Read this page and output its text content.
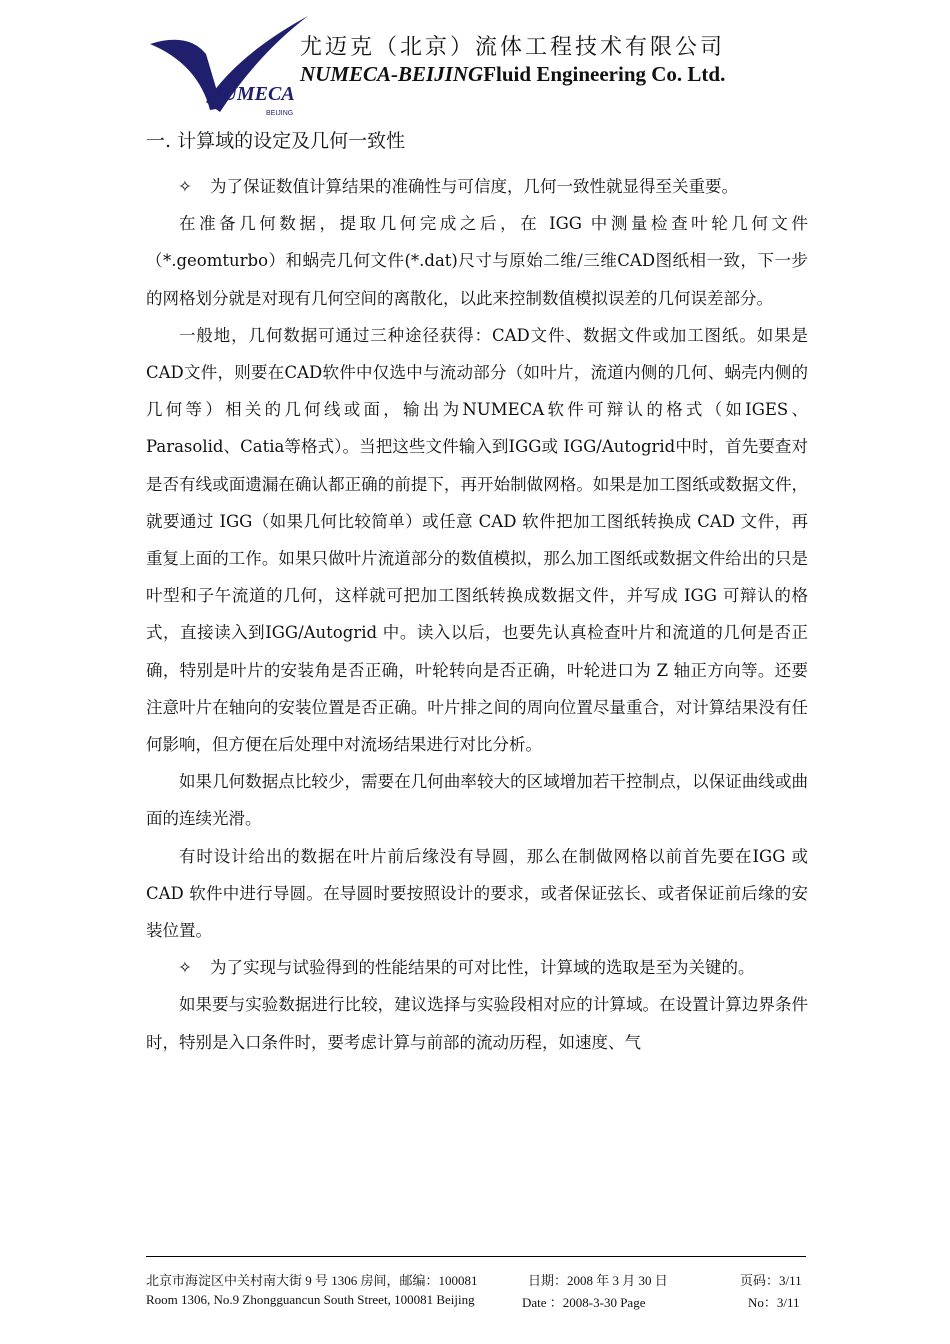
NUMECA
BEIJING
尤迈克（北京）流体工程技术有限公司
NUMECA-BEIJINGFluid Engineering Co. Ltd.
一. 计算域的设定及几何一致性

✧ 为了保证数值计算结果的准确性与可信度，几何一致性就显得至关重要。

在准备几何数据，提取几何完成之后，在 IGG 中测量检查叶轮几何文件（*.geomturbo）和蜗壳几何文件(*.dat)尺寸与原始二维/三维CAD图纸相一致，下一步的网格划分就是对现有几何空间的离散化，以此来控制数值模拟误差的几何误差部分。

一般地，几何数据可通过三种途径获得：CAD文件、数据文件或加工图纸。如果是CAD文件，则要在CAD软件中仅选中与流动部分（如叶片，流道内侧的几何、蜗壳内侧的几何等）相关的几何线或面，输出为NUMECA软件可辩认的格式（如IGES、Parasolid、Catia等格式）。当把这些文件输入到IGG或 IGG/Autogrid中时，首先要查对是否有线或面遗漏在确认都正确的前提下，再开始制做网格。如果是加工图纸或数据文件，就要通过 IGG（如果几何比较简单）或任意 CAD 软件把加工图纸转换成 CAD 文件，再重复上面的工作。如果只做叶片流道部分的数值模拟，那么加工图纸或数据文件给出的只是叶型和子午流道的几何，这样就可把加工图纸转换成数据文件，并写成 IGG 可辩认的格式，直接读入到IGG/Autogrid 中。读入以后，也要先认真检查叶片和流道的几何是否正确，特别是叶片的安装角是否正确，叶轮转向是否正确，叶轮进口为 Z 轴正方向等。还要注意叶片在轴向的安装位置是否正确。叶片排之间的周向位置尽量重合，对计算结果没有任何影响，但方便在后处理中对流场结果进行对比分析。

如果几何数据点比较少，需要在几何曲率较大的区域增加若干控制点，以保证曲线或曲面的连续光滑。

有时设计给出的数据在叶片前后缘没有导圆，那么在制做网格以前首先要在IGG 或 CAD 软件中进行导圆。在导圆时要按照设计的要求，或者保证弦长、或者保证前后缘的安装位置。

✧ 为了实现与试验得到的性能结果的可对比性，计算域的选取是至为关键的。

如果要与实验数据进行比较，建议选择与实验段相对应的计算域。在设置计算边界条件时，特别是入口条件时，要考虑计算与前部的流动历程，如速度、气

北京市海淀区中关村南大街 9 号 1306 房间，邮编：100081	日期：2008 年 3 月 30 日	页码：3/11
Room 1306, No.9 Zhongguancun South Street, 100081 Beijing	Date ：2008-3-30 Page	No：3/11
